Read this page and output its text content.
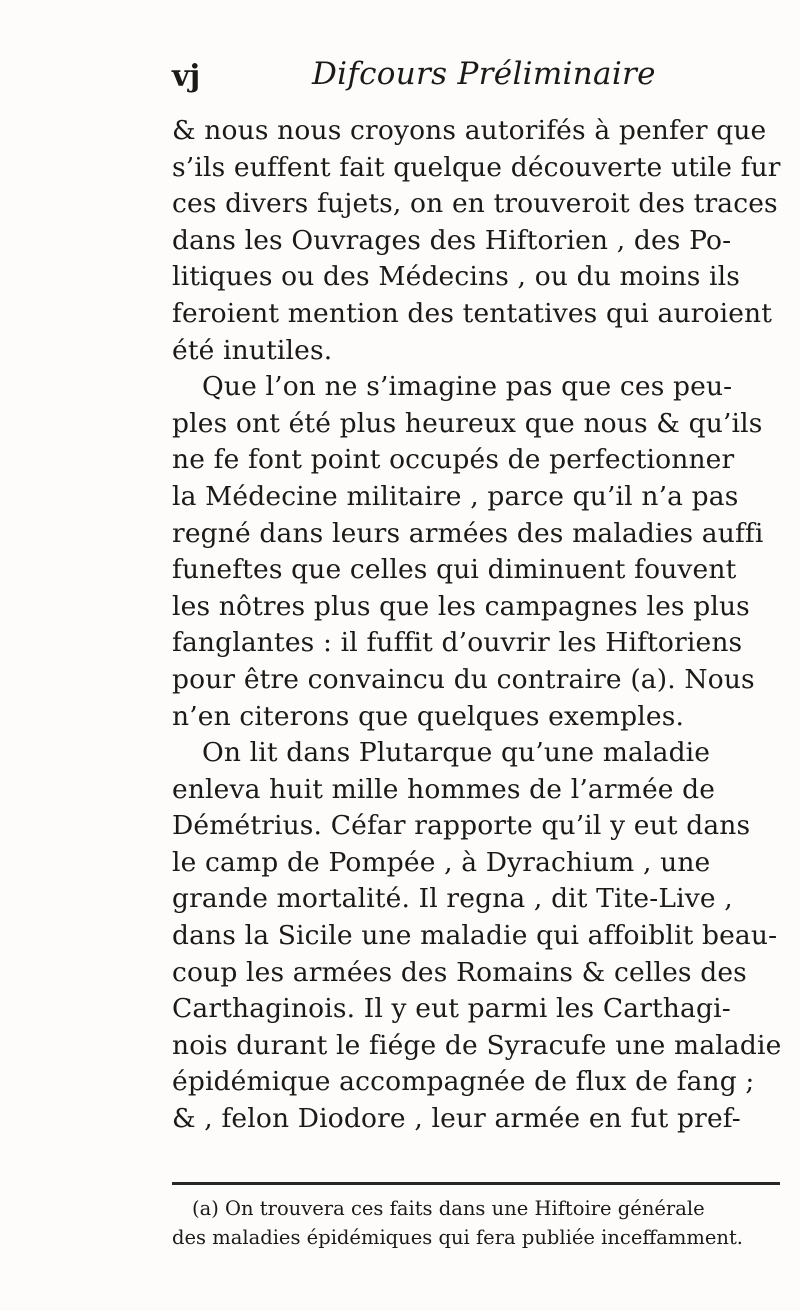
vj	Difcours Préliminaire
& nous nous croyons autorifés à penfer que
s’ils euffent fait quelque découverte utile fur
ces divers fujets, on en trouveroit des traces
dans les Ouvrages des Hiftorien , des Po-
litiques ou des Médecins , ou du moins ils
feroient mention des tentatives qui auroient
été inutiles.
Que l’on ne s’imagine pas que ces peu-
ples ont été plus heureux que nous & qu’ils
ne fe font point occupés de perfectionner
la Médecine militaire , parce qu’il n’a pas
regné dans leurs armées des maladies auffi
funeftes que celles qui diminuent fouvent
les nôtres plus que les campagnes les plus
fanglantes : il fuffit d’ouvrir les Hiftoriens
pour être convaincu du contraire (a). Nous
n’en citerons que quelques exemples.
On lit dans Plutarque qu’une maladie
enleva huit mille hommes de l’armée de
Démétrius. Céfar rapporte qu’il y eut dans
le camp de Pompée , à Dyrachium , une
grande mortalité. Il regna , dit Tite-Live ,
dans la Sicile une maladie qui affoiblit beau-
coup les armées des Romains & celles des
Carthaginois. Il y eut parmi les Carthagi-
nois durant le fiége de Syracufe une maladie
épidémique accompagnée de flux de fang ;
& , felon Diodore , leur armée en fut pref-
(a) On trouvera ces faits dans une Hiftoire générale
des maladies épidémiques qui fera publiée inceffamment.
